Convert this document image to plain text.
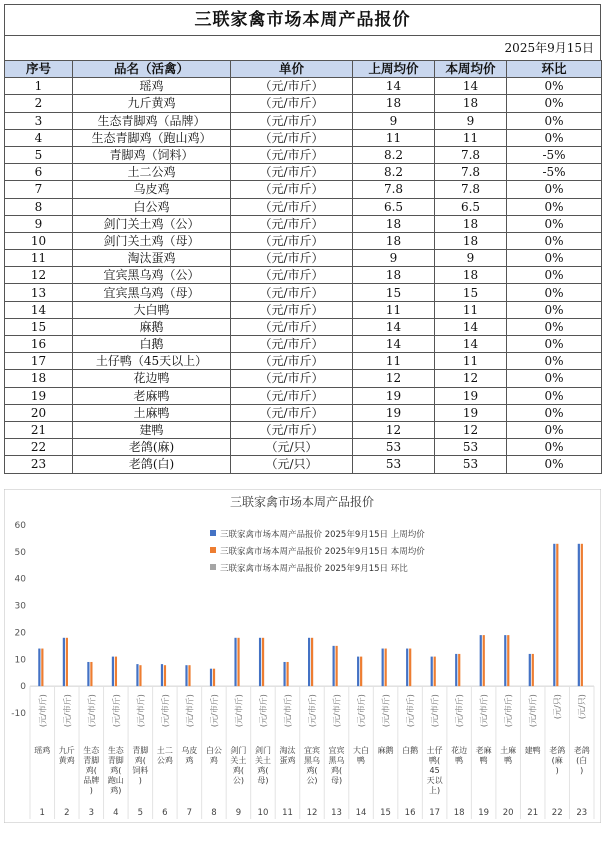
三联家禽市场本周产品报价
2025年9月15日
序号	品名（活禽）	单价	上周均价	本周均价	环比
1	瑶鸡	（元/市斤）	14	14	0%
2	九斤黄鸡	（元/市斤）	18	18	0%
3	生态青脚鸡（品牌）	（元/市斤）	9	9	0%
4	生态青脚鸡（跑山鸡）	（元/市斤）	11	11	0%
5	青脚鸡（饲料）	（元/市斤）	8.2	7.8	-5%
6	土二公鸡	（元/市斤）	8.2	7.8	-5%
7	乌皮鸡	（元/市斤）	7.8	7.8	0%
8	白公鸡	（元/市斤）	6.5	6.5	0%
9	剑门关土鸡（公）	（元/市斤）	18	18	0%
10	剑门关土鸡（母）	（元/市斤）	18	18	0%
11	淘汰蛋鸡	（元/市斤）	9	9	0%
12	宜宾黑乌鸡（公）	（元/市斤）	18	18	0%
13	宜宾黑乌鸡（母）	（元/市斤）	15	15	0%
14	大白鸭	（元/市斤）	11	11	0%
15	麻鹅	（元/市斤）	14	14	0%
16	白鹅	（元/市斤）	14	14	0%
17	土仔鸭（45天以上）	（元/市斤）	11	11	0%
18	花边鸭	（元/市斤）	12	12	0%
19	老麻鸭	（元/市斤）	19	19	0%
20	土麻鸭	（元/市斤）	19	19	0%
21	建鸭	（元/市斤）	12	12	0%
22	老鸽(麻)	（元/只）	53	53	0%
23	老鸽(白)	（元/只）	53	53	0%
三联家禽市场本周产品报价
60
50
40
30
20
10
0
-10
三联家禽市场本周产品报价 2025年9月15日 上周均价
三联家禽市场本周产品报价 2025年9月15日 本周均价
三联家禽市场本周产品报价 2025年9月15日 环比
(元/市斤)
瑶鸡
1
(元/市斤)
九斤黄鸡
2
(元/市斤)
生态青脚鸡(品牌)
3
(元/市斤)
生态青脚鸡(跑山鸡)
4
(元/市斤)
青脚鸡(饲料)
5
(元/市斤)
土二公鸡
6
(元/市斤)
乌皮鸡
7
(元/市斤)
白公鸡
8
(元/市斤)
剑门关土鸡(公)
9
(元/市斤)
剑门关土鸡(母)
10
(元/市斤)
淘汰蛋鸡
11
(元/市斤)
宜宾黑乌鸡(公)
12
(元/市斤)
宜宾黑乌鸡(母)
13
(元/市斤)
大白鸭
14
(元/市斤)
麻鹅
15
(元/市斤)
白鹅
16
(元/市斤)
土仔鸭( 45 天以上)
17
(元/市斤)
花边鸭
18
(元/市斤)
老麻鸭
19
(元/市斤)
土麻鸭
20
(元/市斤)
建鸭
21
(元/只)
老鸽(麻)
22
(元/只)
老鸽(白)
23
